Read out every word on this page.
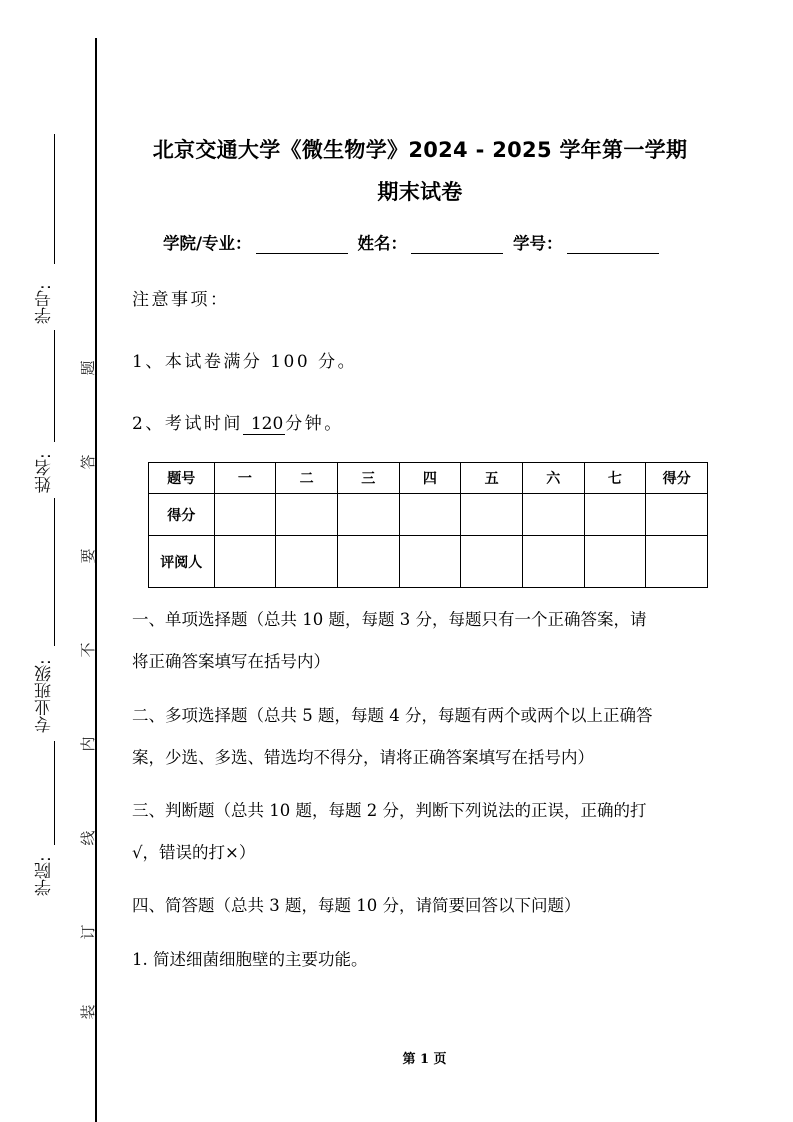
学号:
姓名:
专业班级:
学院:
题
答
要
不
内
线
订
装
北京交通大学《微生物学》2024 - 2025 学年第一学期
期末试卷
学院/专业：	姓名：	学号：
注意事项：
1、本试卷满分 100 分。
2、考试时间 120 分钟。
题号	一	二	三	四	五	六	七	得分
得分								
评阅人								
一、单项选择题（总共 10 题，每题 3 分，每题只有一个正确答案，请
将正确答案填写在括号内）
二、多项选择题（总共 5 题，每题 4 分，每题有两个或两个以上正确答
案，少选、多选、错选均不得分，请将正确答案填写在括号内）
三、判断题（总共 10 题，每题 2 分，判断下列说法的正误，正确的打
√，错误的打×）
四、简答题（总共 3 题，每题 10 分，请简要回答以下问题）
1. 简述细菌细胞壁的主要功能。
第 1 页
